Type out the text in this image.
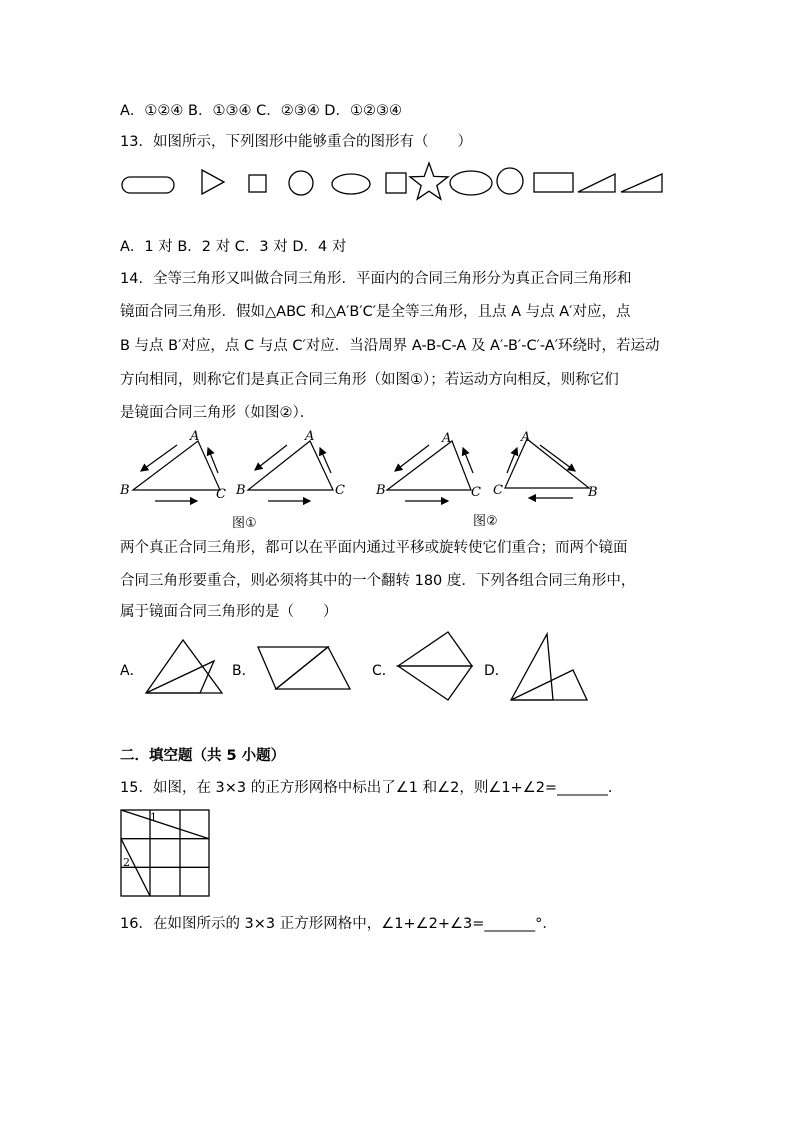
A．①②④ B．①③④ C．②③④ D．①②③④
13．如图所示，下列图形中能够重合的图形有（　　）
A．1 对 B．2 对 C．3 对 D．4 对
14．全等三角形又叫做合同三角形．平面内的合同三角形分为真正合同三角形和
镜面合同三角形．假如△ABC 和△A′B′C′是全等三角形，且点 A 与点 A′对应，点
B 与点 B′对应，点 C 与点 C′对应．当沿周界 A-B-C-A 及 A′-B′-C′-A′环绕时，若运动
方向相同，则称它们是真正合同三角形（如图①）；若运动方向相反，则称它们
是镜面合同三角形（如图②）．
A
B	C
A
B	C
A
B	C
A
C	B
图①	图②
两个真正合同三角形，都可以在平面内通过平移或旋转使它们重合；而两个镜面
合同三角形要重合，则必须将其中的一个翻转 180 度．下列各组合同三角形中，
属于镜面合同三角形的是（　　）
A．	B．	C．	D．
二．填空题（共 5 小题）
15．如图，在 3×3 的正方形网格中标出了∠1 和∠2，则∠1+∠2=_______．
1
2
16．在如图所示的 3×3 正方形网格中，∠1+∠2+∠3=_______°．
